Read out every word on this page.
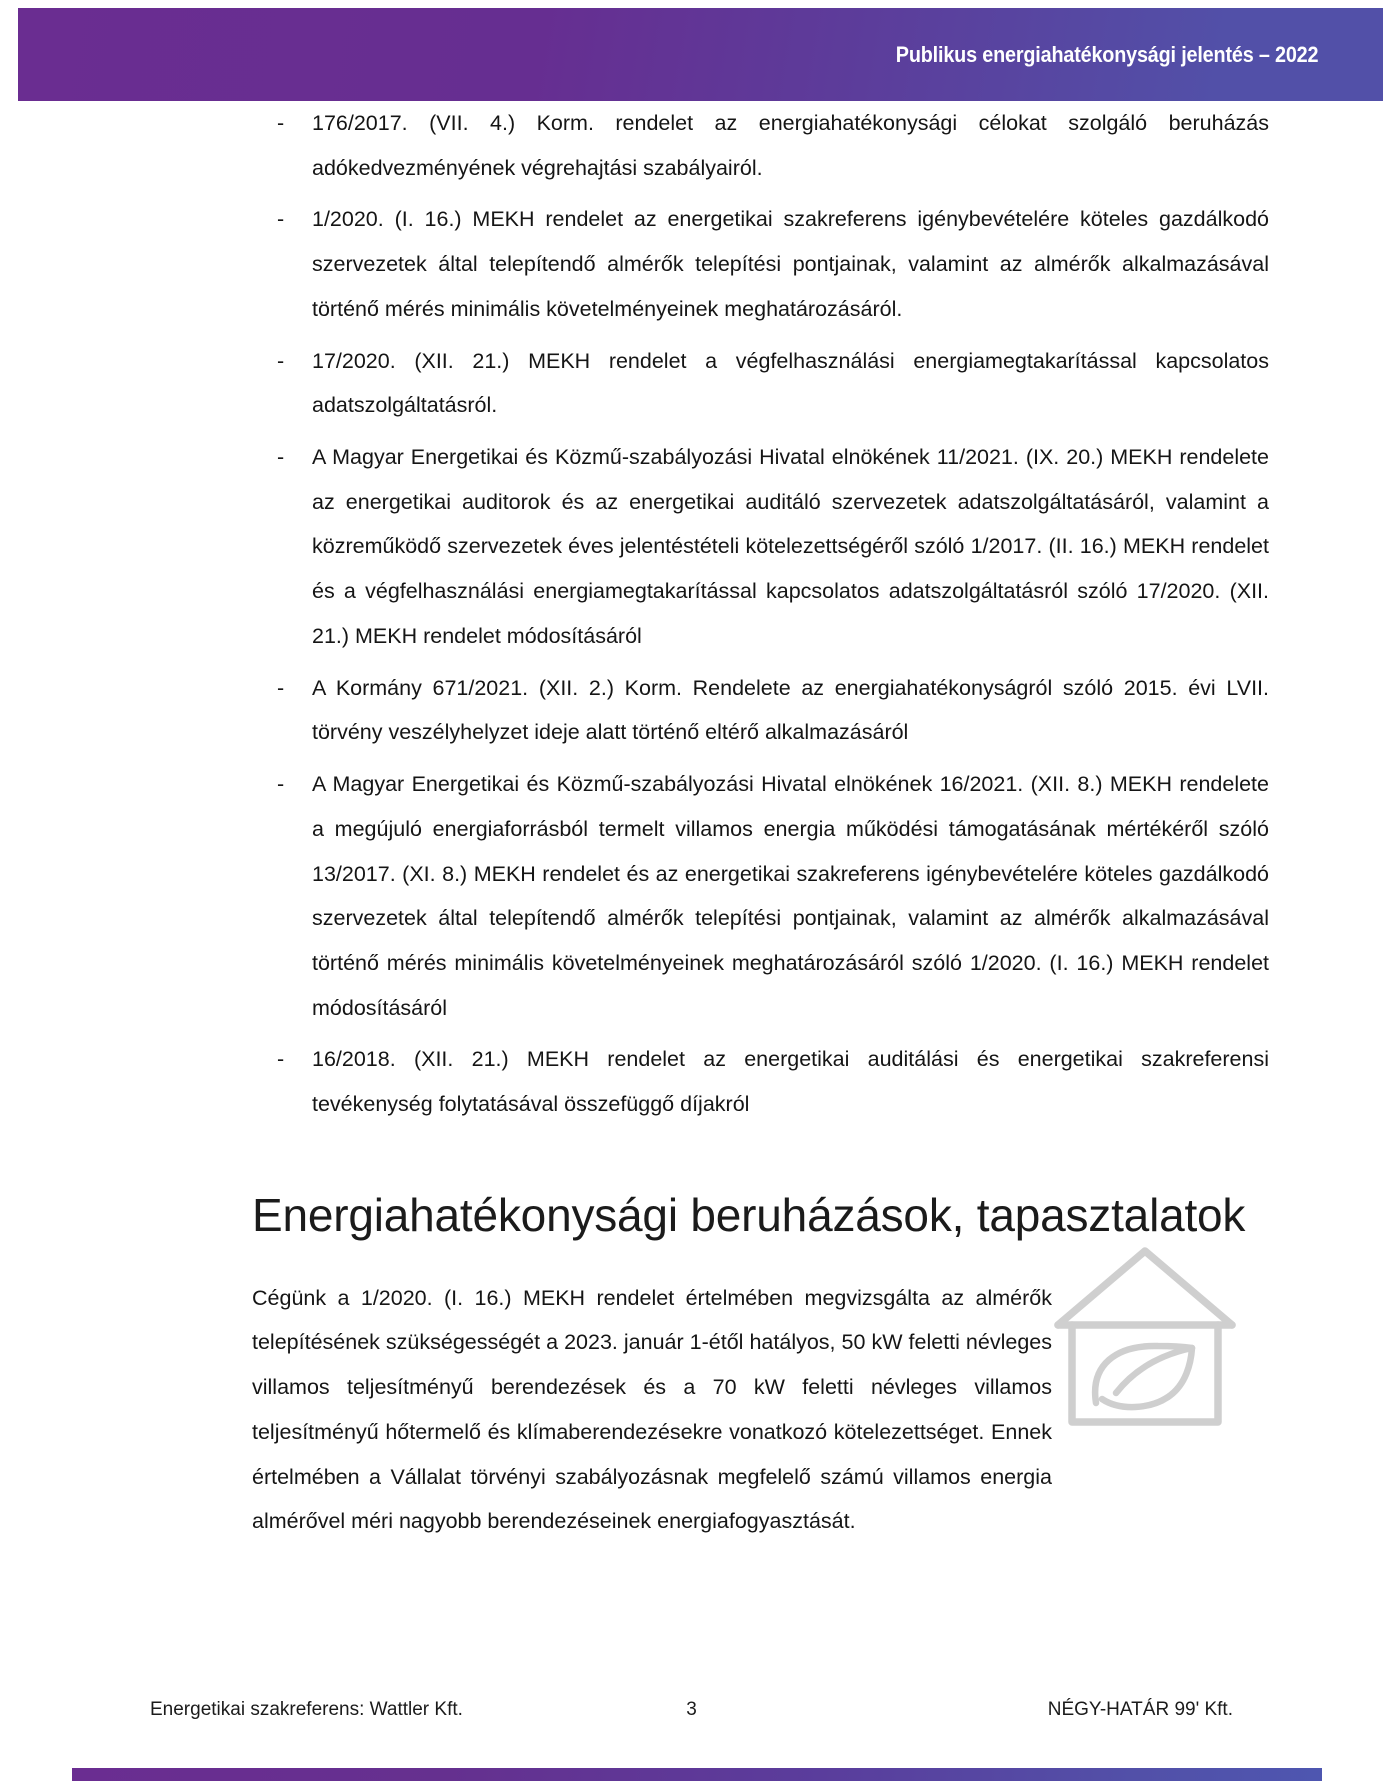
Publikus energiahatékonysági jelentés – 2022
- 176/2017. (VII. 4.) Korm. rendelet az energiahatékonysági célokat szolgáló beruházás adókedvezményének végrehajtási szabályairól.
- 1/2020. (I. 16.) MEKH rendelet az energetikai szakreferens igénybevételére köteles gazdálkodó szervezetek által telepítendő almérők telepítési pontjainak, valamint az almérők alkalmazásával történő mérés minimális követelményeinek meghatározásáról.
- 17/2020. (XII. 21.) MEKH rendelet a végfelhasználási energiamegtakarítással kapcsolatos adatszolgáltatásról.
- A Magyar Energetikai és Közmű-szabályozási Hivatal elnökének 11/2021. (IX. 20.) MEKH rendelete az energetikai auditorok és az energetikai auditáló szervezetek adatszolgáltatásáról, valamint a közreműködő szervezetek éves jelentéstételi kötelezettségéről szóló 1/2017. (II. 16.) MEKH rendelet és a végfelhasználási energiamegtakarítással kapcsolatos adatszolgáltatásról szóló 17/2020. (XII. 21.) MEKH rendelet módosításáról
- A Kormány 671/2021. (XII. 2.) Korm. Rendelete az energiahatékonyságról szóló 2015. évi LVII. törvény veszélyhelyzet ideje alatt történő eltérő alkalmazásáról
- A Magyar Energetikai és Közmű-szabályozási Hivatal elnökének 16/2021. (XII. 8.) MEKH rendelete a megújuló energiaforrásból termelt villamos energia működési támogatásának mértékéről szóló 13/2017. (XI. 8.) MEKH rendelet és az energetikai szakreferens igénybevételére köteles gazdálkodó szervezetek által telepítendő almérők telepítési pontjainak, valamint az almérők alkalmazásával történő mérés minimális követelményeinek meghatározásáról szóló 1/2020. (I. 16.) MEKH rendelet módosításáról
- 16/2018. (XII. 21.) MEKH rendelet az energetikai auditálási és energetikai szakreferensi tevékenység folytatásával összefüggő díjakról
Energiahatékonysági beruházások, tapasztalatok

Cégünk a 1/2020. (I. 16.) MEKH rendelet értelmében megvizsgálta az almérők telepítésének szükségességét a 2023. január 1-étől hatályos, 50 kW feletti névleges villamos teljesítményű berendezések és a 70 kW feletti névleges villamos teljesítményű hőtermelő és klímaberendezésekre vonatkozó kötelezettséget. Ennek értelmében a Vállalat törvényi szabályozásnak megfelelő számú villamos energia almérővel méri nagyobb berendezéseinek energiafogyasztását.

Energetikai szakreferens: Wattler Kft.	3	NÉGY-HATÁR 99' Kft.
